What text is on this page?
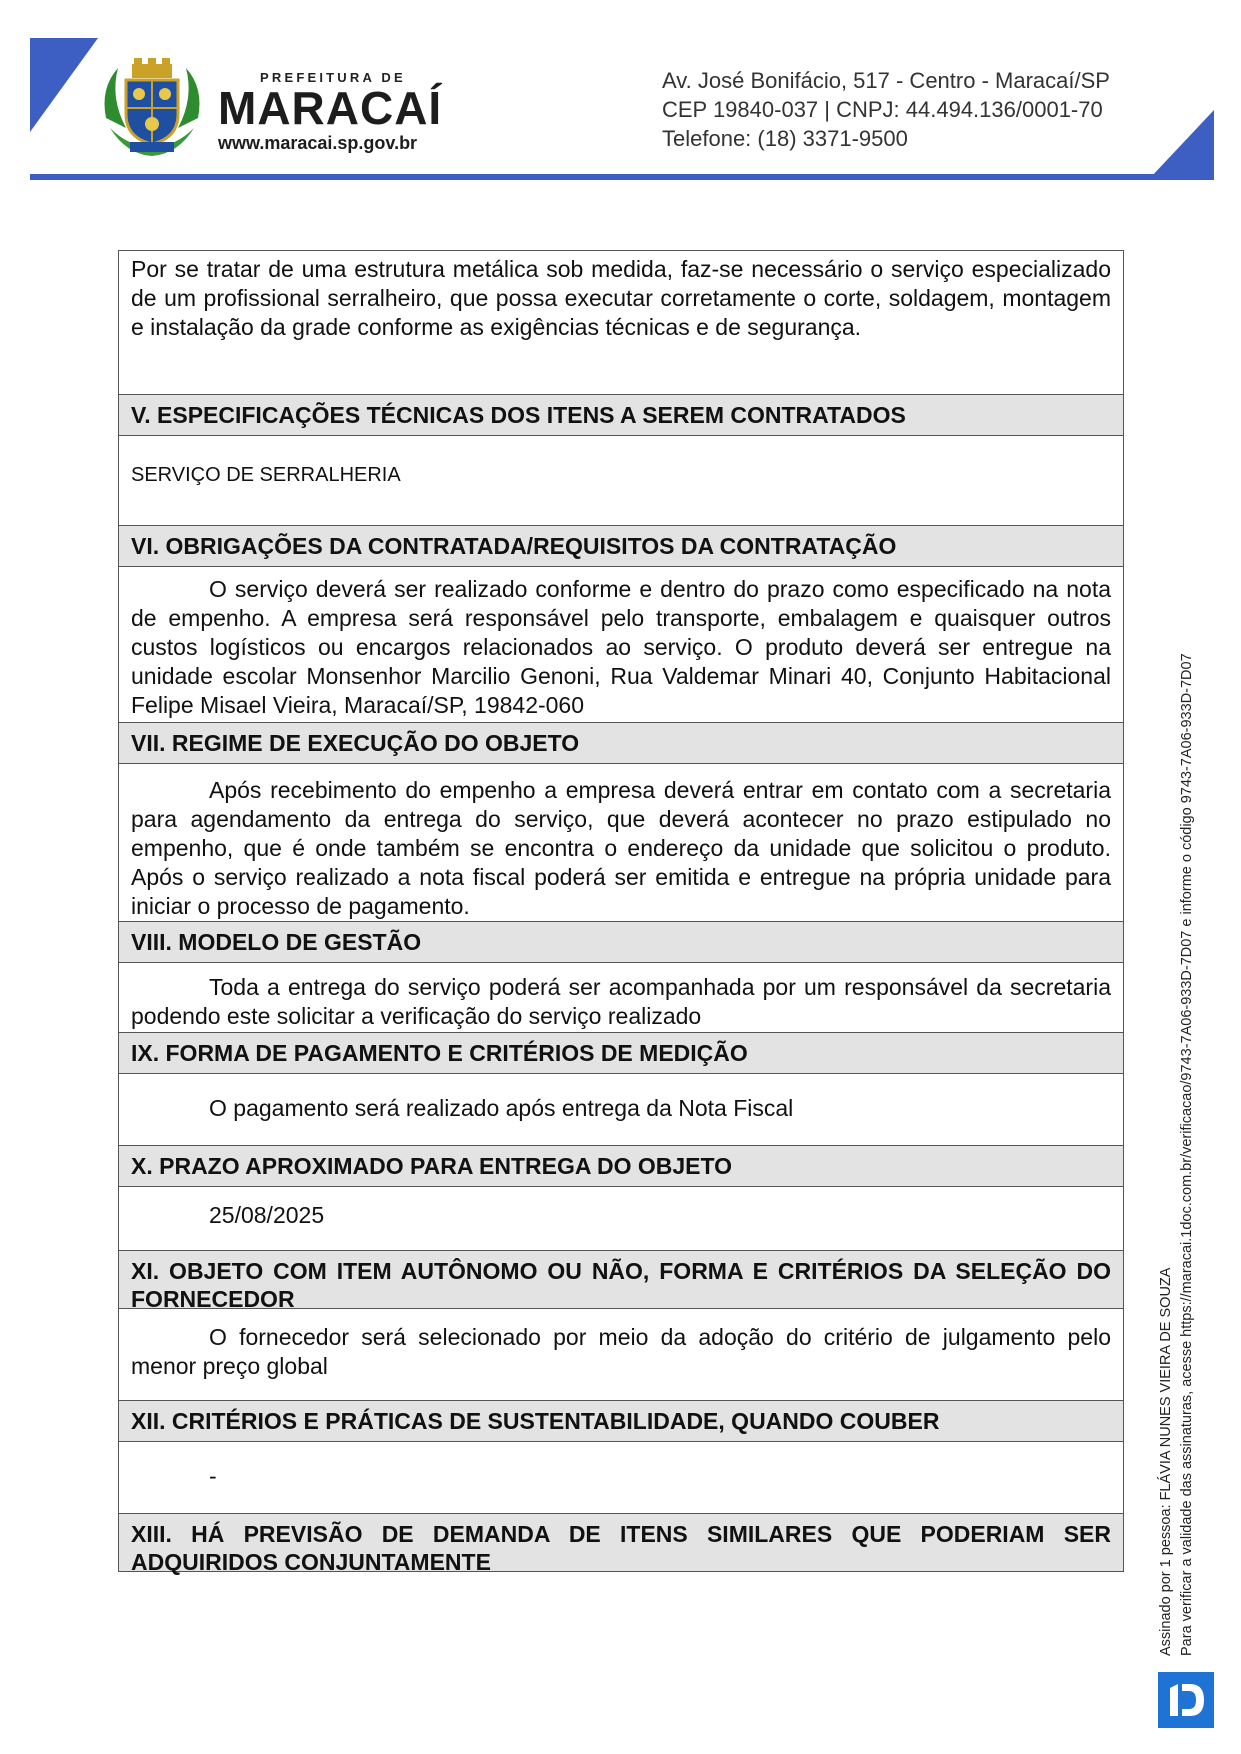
PREFEITURA DE
MARACAÍ
www.maracai.sp.gov.br
Av. José Bonifácio, 517 - Centro - Maracaí/SP
CEP 19840-037 | CNPJ: 44.494.136/0001-70
Telefone: (18) 3371-9500
Por se tratar de uma estrutura metálica sob medida, faz-se necessário o serviço especializado de um profissional serralheiro, que possa executar corretamente o corte, soldagem, montagem e instalação da grade conforme as exigências técnicas e de segurança.
V. ESPECIFICAÇÕES TÉCNICAS DOS ITENS A SEREM CONTRATADOS
SERVIÇO DE SERRALHERIA
VI. OBRIGAÇÕES DA CONTRATADA/REQUISITOS DA CONTRATAÇÃO
O serviço deverá ser realizado conforme e dentro do prazo como especificado na nota de empenho. A empresa será responsável pelo transporte, embalagem e quaisquer outros custos logísticos ou encargos relacionados ao serviço. O produto deverá ser entregue na unidade escolar Monsenhor Marcilio Genoni, Rua Valdemar Minari 40, Conjunto Habitacional Felipe Misael Vieira, Maracaí/SP, 19842-060
VII. REGIME DE EXECUÇÃO DO OBJETO
Após recebimento do empenho a empresa deverá entrar em contato com a secretaria para agendamento da entrega do serviço, que deverá acontecer no prazo estipulado no empenho, que é onde também se encontra o endereço da unidade que solicitou o produto. Após o serviço realizado a nota fiscal poderá ser emitida e entregue na própria unidade para iniciar o processo de pagamento.
VIII. MODELO DE GESTÃO
Toda a entrega do serviço poderá ser acompanhada por um responsável da secretaria podendo este solicitar a verificação do serviço realizado
IX. FORMA DE PAGAMENTO E CRITÉRIOS DE MEDIÇÃO
O pagamento será realizado após entrega da Nota Fiscal
X. PRAZO APROXIMADO PARA ENTREGA DO OBJETO
25/08/2025
XI. OBJETO COM ITEM AUTÔNOMO OU NÃO, FORMA E CRITÉRIOS DA SELEÇÃO DO FORNECEDOR
O fornecedor será selecionado por meio da adoção do critério de julgamento pelo menor preço global
XII. CRITÉRIOS E PRÁTICAS DE SUSTENTABILIDADE, QUANDO COUBER
-
XIII. HÁ PREVISÃO DE DEMANDA DE ITENS SIMILARES QUE PODERIAM SER ADQUIRIDOS CONJUNTAMENTE	Assinado por 1 pessoa: FLÁVIA NUNES VIEIRA DE SOUZA Para verificar a validade das assinaturas, acesse https://maracai.1doc.com.br/verificacao/9743-7A06-933D-7D07 e informe o código 9743-7A06-933D-7D07
